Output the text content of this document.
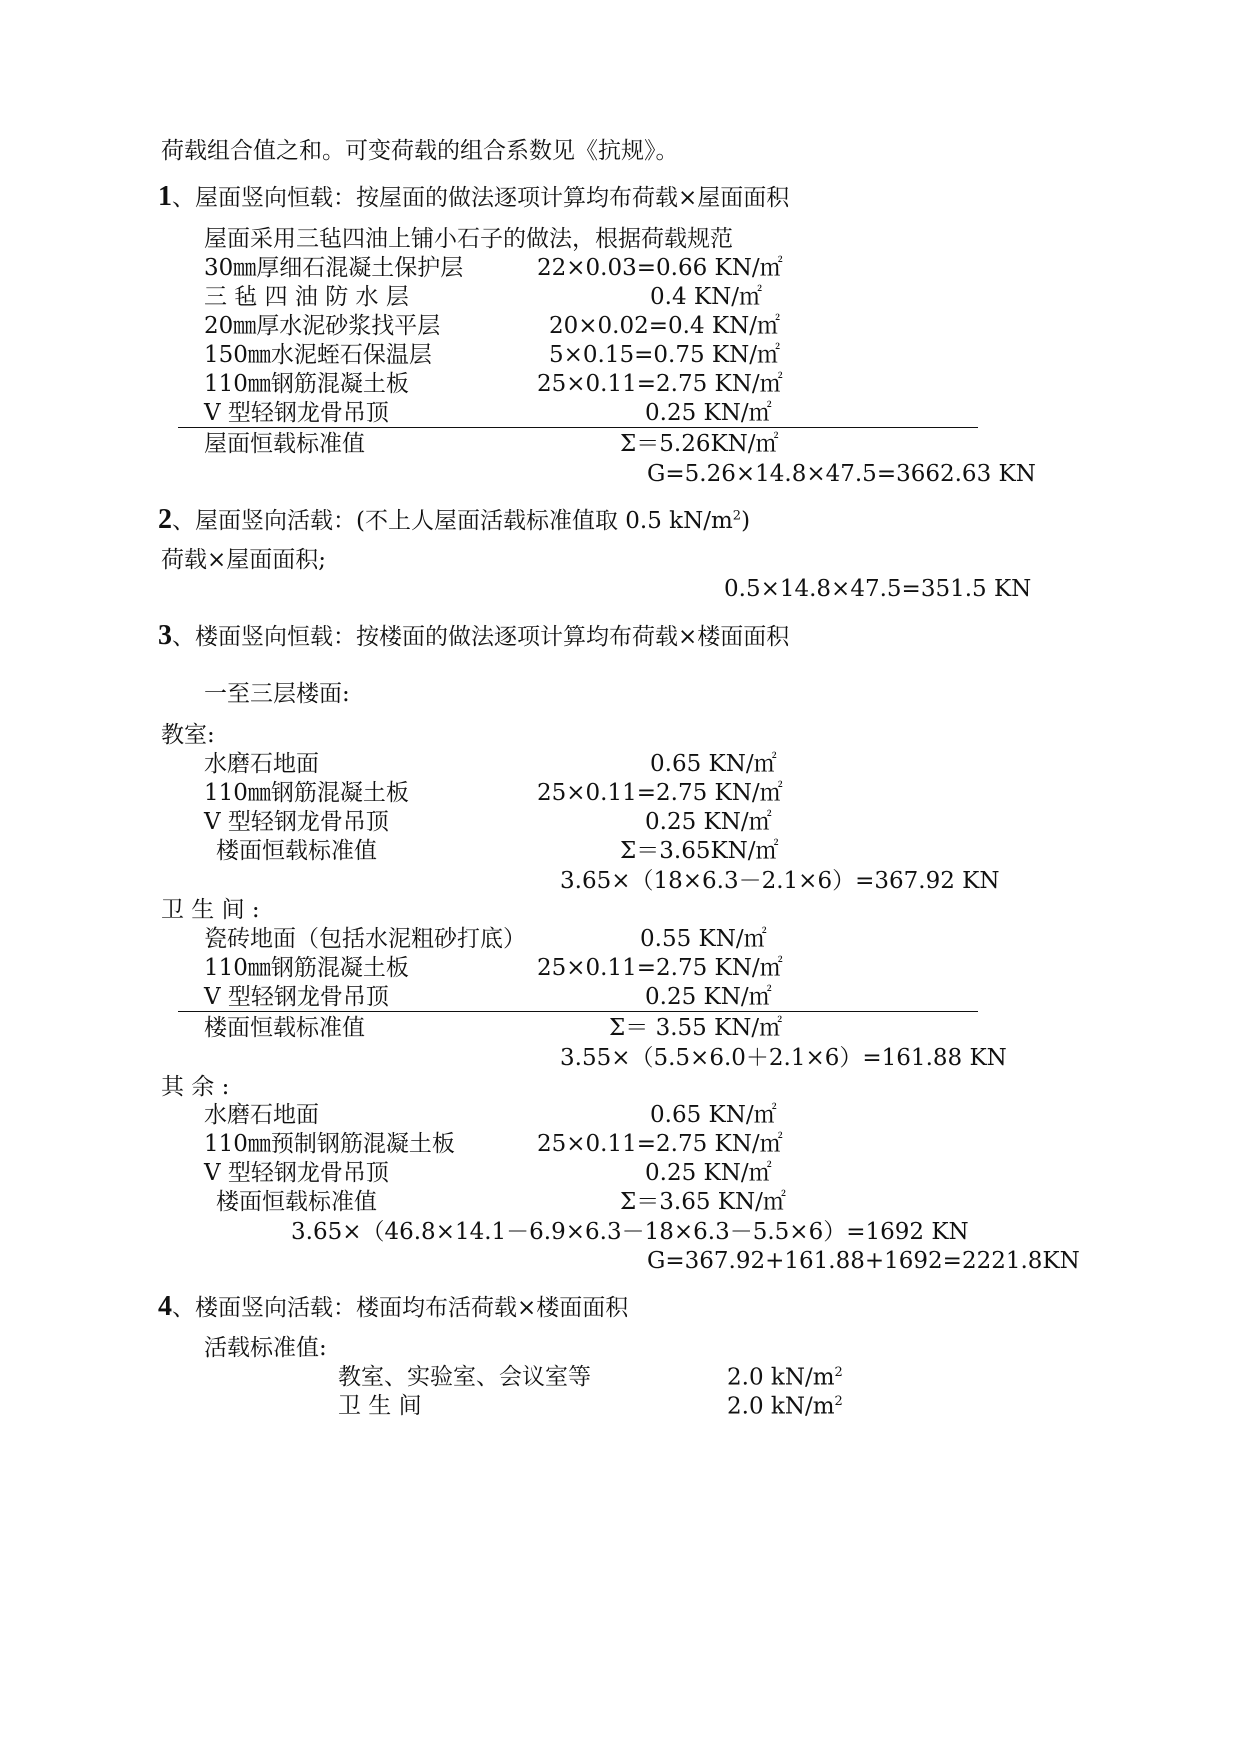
荷载组合值之和。可变荷载的组合系数见《抗规》。
1、屋面竖向恒载：按屋面的做法逐项计算均布荷载×屋面面积
屋面采用三毡四油上铺小石子的做法，根据荷载规范
30㎜厚细石混凝土保护层	22×0.03=0.66 KN/㎡
三 毡 四 油 防 水 层	0.4 KN/㎡
20㎜厚水泥砂浆找平层	20×0.02=0.4 KN/㎡
150㎜水泥蛭石保温层	5×0.15=0.75 KN/㎡
110㎜钢筋混凝土板	25×0.11=2.75 KN/㎡
V 型轻钢龙骨吊顶	0.25 KN/㎡
屋面恒载标准值	Σ＝5.26KN/㎡
G=5.26×14.8×47.5=3662.63 KN
2、屋面竖向活载：(不上人屋面活载标准值取 0.5 $kN/m^2$)
荷载×屋面面积;
0.5×14.8×47.5=351.5 KN
3、楼面竖向恒载：按楼面的做法逐项计算均布荷载×楼面面积
一至三层楼面:
教室:
水磨石地面	0.65 KN/㎡
110㎜钢筋混凝土板	25×0.11=2.75 KN/㎡
V 型轻钢龙骨吊顶	0.25 KN/㎡
楼面恒载标准值	Σ＝3.65KN/㎡
3.65×（18×6.3－2.1×6）=367.92 KN
卫 生 间 :
瓷砖地面（包括水泥粗砂打底）	0.55 KN/㎡
110㎜钢筋混凝土板	25×0.11=2.75 KN/㎡
V 型轻钢龙骨吊顶	0.25 KN/㎡
楼面恒载标准值	Σ＝ 3.55 KN/㎡
3.55×（5.5×6.0＋2.1×6）=161.88 KN
其 余 :
水磨石地面	0.65 KN/㎡
110㎜预制钢筋混凝土板	25×0.11=2.75 KN/㎡
V 型轻钢龙骨吊顶	0.25 KN/㎡
楼面恒载标准值	Σ＝3.65 KN/㎡
3.65×（46.8×14.1－6.9×6.3－18×6.3－5.5×6）=1692 KN
G=367.92+161.88+1692=2221.8KN
4、楼面竖向活载：楼面均布活荷载×楼面面积
活载标准值:
教室、实验室、会议室等	2.0 $kN/m^2$
卫 生 间	2.0 $kN/m^2$
